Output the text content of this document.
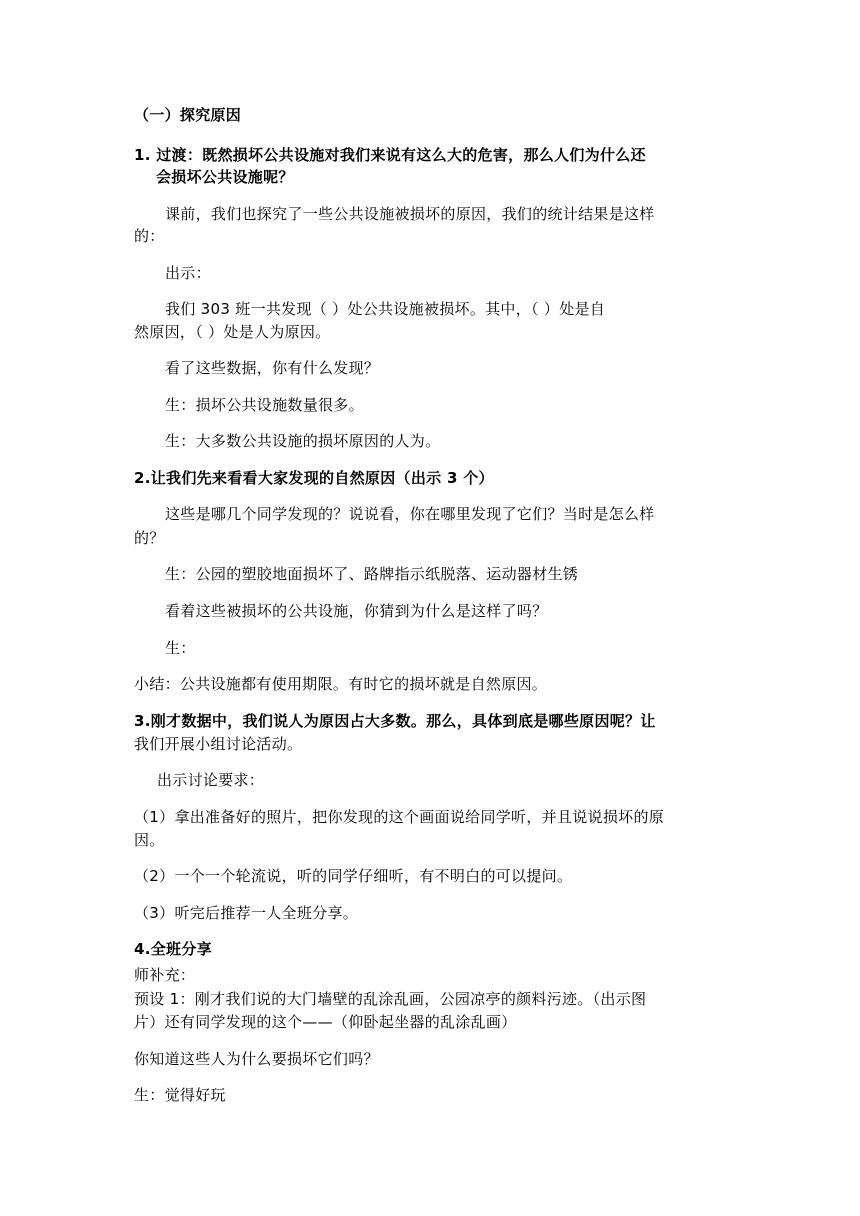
（一）探究原因
1. 过渡：既然损坏公共设施对我们来说有这么大的危害，那么人们为什么还
会损坏公共设施呢？
课前，我们也探究了一些公共设施被损坏的原因，我们的统计结果是这样
的：
出示：
我们 303 班一共发现（ ）处公共设施被损坏。其中，（ ）处是自
然原因，（ ）处是人为原因。
看了这些数据，你有什么发现？
生：损坏公共设施数量很多。
生：大多数公共设施的损坏原因的人为。
2.让我们先来看看大家发现的自然原因（出示 3 个）
这些是哪几个同学发现的？说说看，你在哪里发现了它们？当时是怎么样
的？
生：公园的塑胶地面损坏了、路牌指示纸脱落、运动器材生锈
看着这些被损坏的公共设施，你猜到为什么是这样了吗？
生：
小结：公共设施都有使用期限。有时它的损坏就是自然原因。
3.刚才数据中，我们说人为原因占大多数。那么，具体到底是哪些原因呢？让
我们开展小组讨论活动。
出示讨论要求：
（1）拿出准备好的照片，把你发现的这个画面说给同学听，并且说说损坏的原
因。
（2）一个一个轮流说，听的同学仔细听，有不明白的可以提问。
（3）听完后推荐一人全班分享。
4.全班分享
师补充：
预设 1：刚才我们说的大门墙壁的乱涂乱画，公园凉亭的颜料污迹。（出示图
片）还有同学发现的这个——（仰卧起坐器的乱涂乱画）
你知道这些人为什么要损坏它们吗？
生：觉得好玩
